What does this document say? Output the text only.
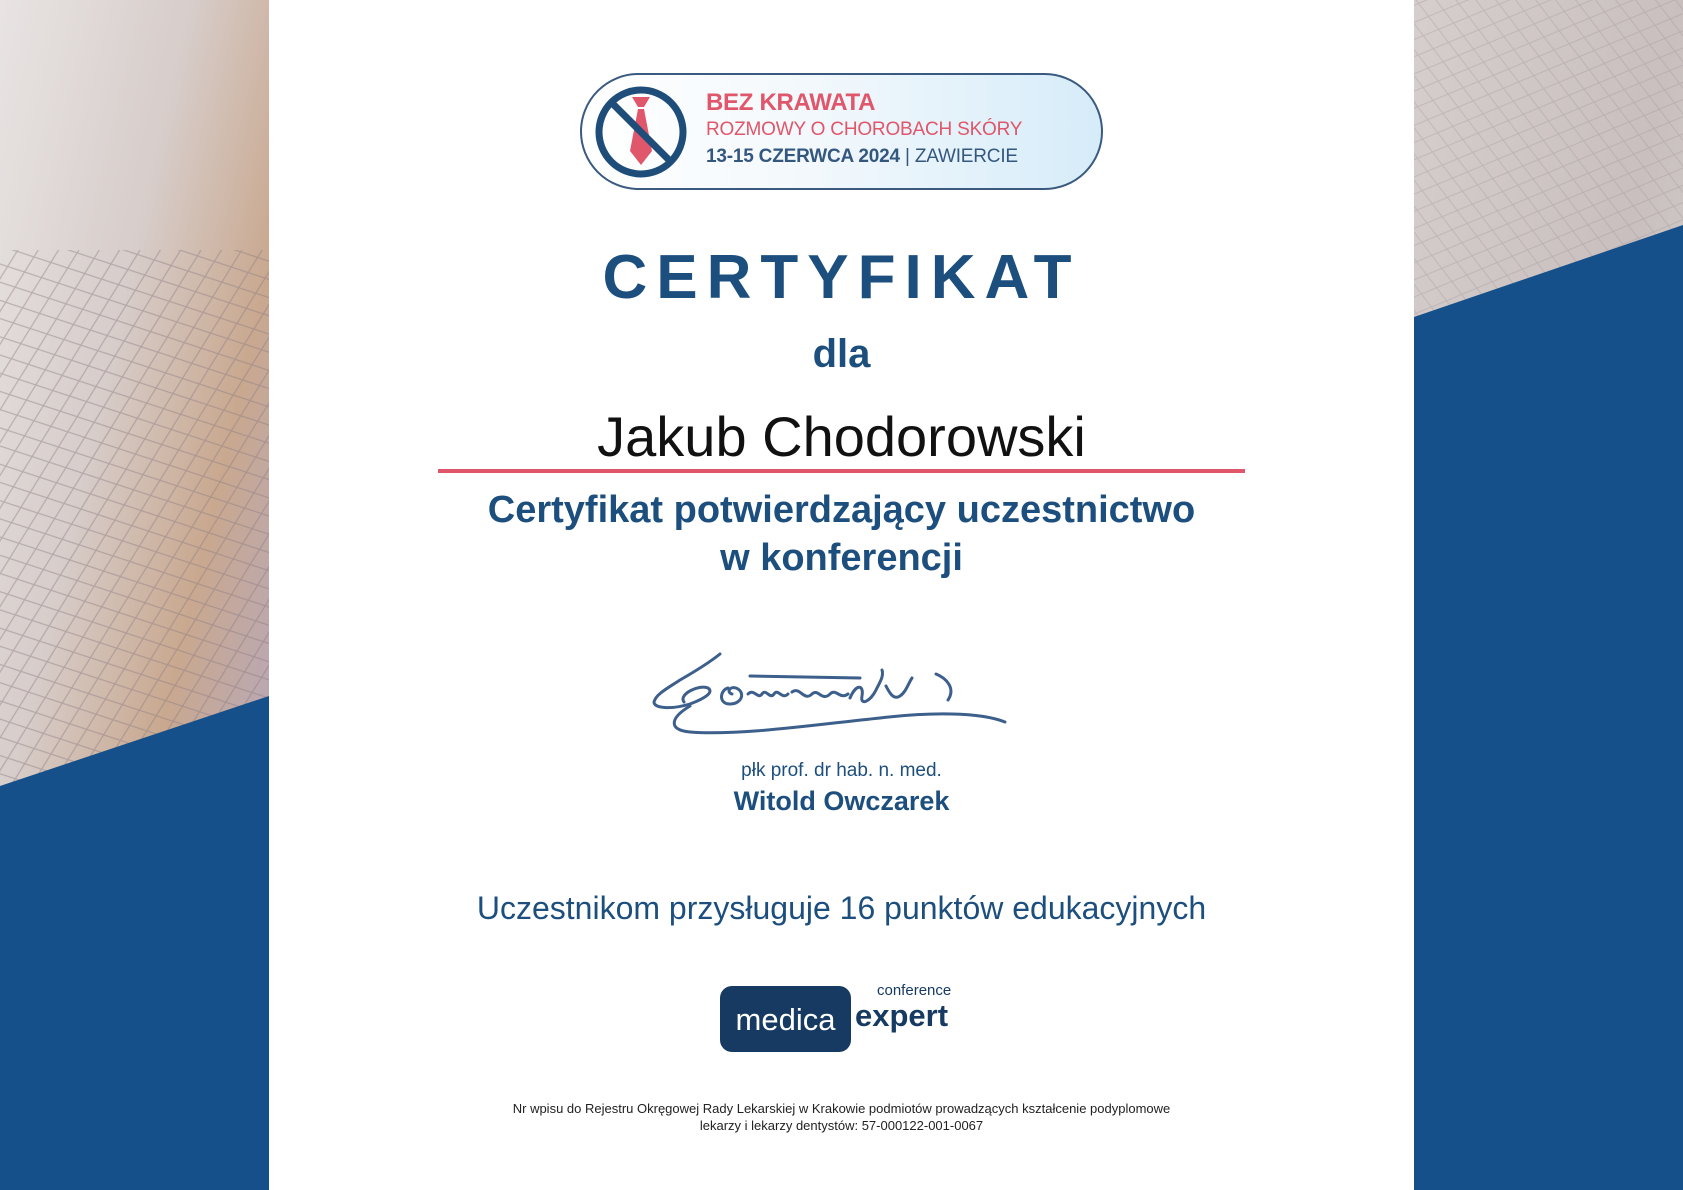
BEZ KRAWATA
ROZMOWY O CHOROBACH SKÓRY
13-15 CZERWCA 2024 | ZAWIERCIE
CERTYFIKAT
dla
Jakub Chodorowski
Certyfikat potwierdzający uczestnictwo
w konferencji
płk prof. dr hab. n. med.
Witold Owczarek
Uczestnikom przysługuje 16 punktów edukacyjnych
medica
conference
expert
Nr wpisu do Rejestru Okręgowej Rady Lekarskiej w Krakowie podmiotów prowadzących kształcenie podyplomowe
lekarzy i lekarzy dentystów: 57-000122-001-0067
